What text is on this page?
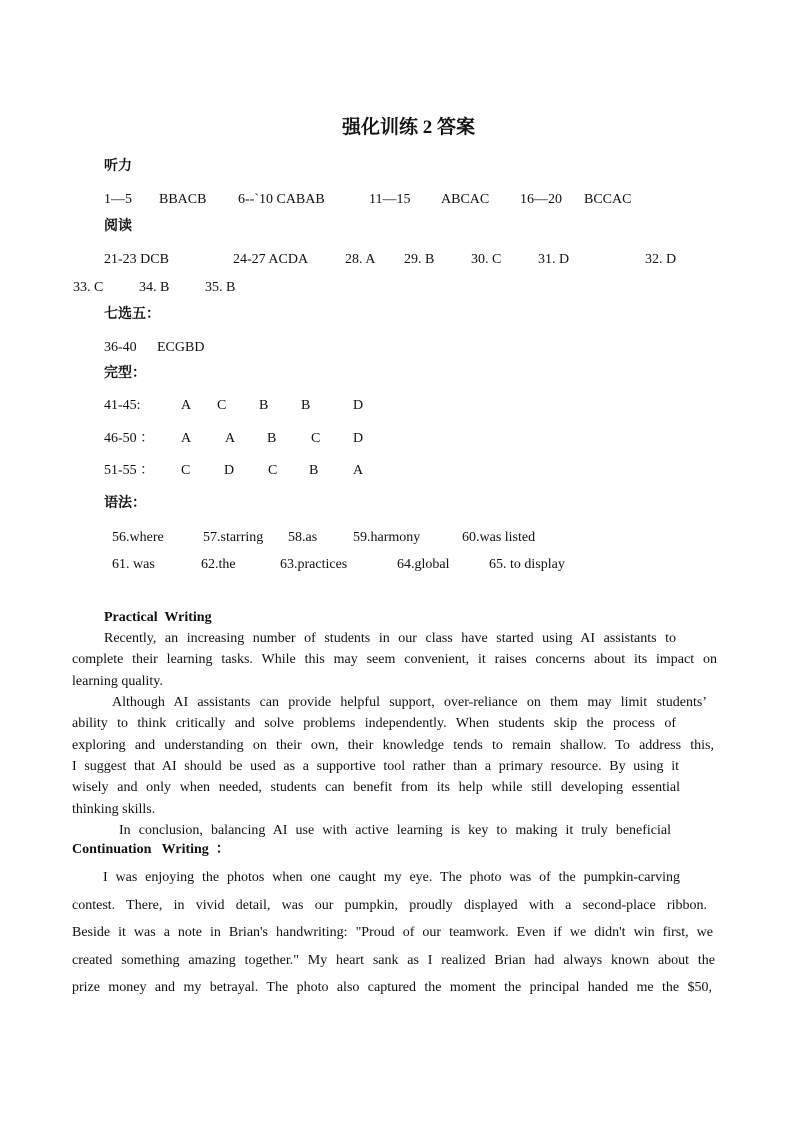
强化训练 2 答案
听力
1—5 BBACB 6--`10 CABAB	11—15 ABCAC 16—20 BCCAC
阅读
21-23 DCB	24-27 ACDA	28. A 29. B	30. C	31. D	32. D
33. C	34. B	35. B
七选五：
36-40 ECGBD
完型：
41-45:	A C B B	D
46-50 ： A A B C D
51-55 ： C D C B A
语法：
56.where	57.starring 58.as	59.harmony	60.was listed
61. was	62.the	63.practices	64.global	65. to display
Practical  Writing
Recently, an increasing number of students in our class have started using AI assistants to
complete their learning tasks. While this may seem convenient, it raises concerns about its impact on
learning quality.
Although AI assistants can provide helpful support, over-reliance on them may limit students’
ability to think critically and solve problems independently. When students skip the process of
exploring and understanding on their own, their knowledge tends to remain shallow. To address this,
I suggest that AI should be used as a supportive tool rather than a primary resource. By using it
wisely and only when needed, students can benefit from its help while still developing essential
thinking skills.
In conclusion, balancing AI use with active learning is key to making it truly beneficial
Continuation   Writing  ：
I was enjoying the photos when one caught my eye. The photo was of the pumpkin-carving
contest. There, in vivid detail, was our pumpkin, proudly displayed with a second-place ribbon.
Beside it was a note in Brian's handwriting: "Proud of our teamwork. Even if we didn't win first, we
created something amazing together." My heart sank as I realized Brian had always known about the
prize money and my betrayal. The photo also captured the moment the principal handed me the $50,
